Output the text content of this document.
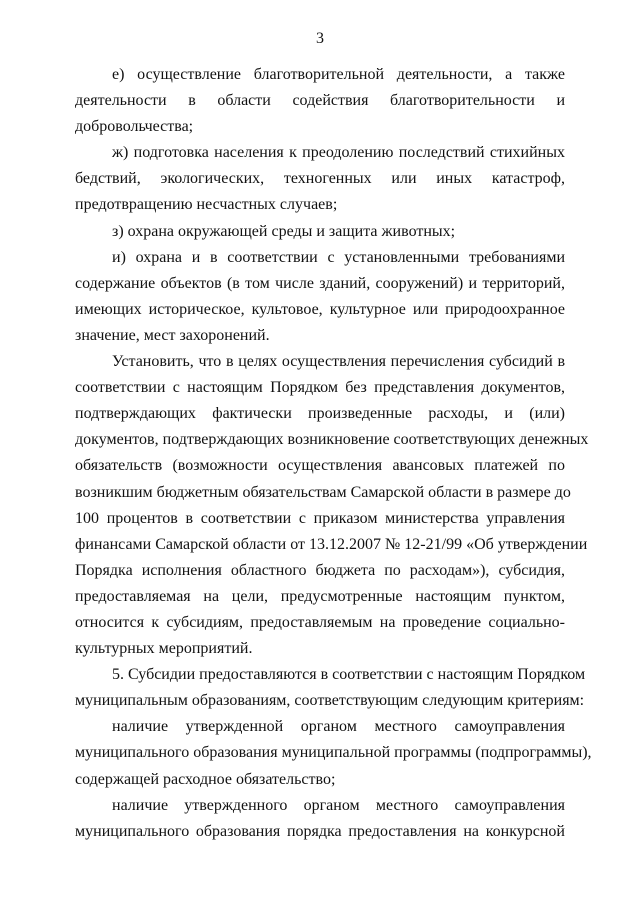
3
е) осуществление благотворительной деятельности, а также
деятельности в области содействия благотворительности и
добровольчества;
ж) подготовка населения к преодолению последствий стихийных
бедствий, экологических, техногенных или иных катастроф,
предотвращению несчастных случаев;
з) охрана окружающей среды и защита животных;
и) охрана и в соответствии с установленными требованиями
содержание объектов (в том числе зданий, сооружений) и территорий,
имеющих историческое, культовое, культурное или природоохранное
значение, мест захоронений.
Установить, что в целях осуществления перечисления субсидий в
соответствии с настоящим Порядком без представления документов,
подтверждающих фактически произведенные расходы, и (или)
документов, подтверждающих возникновение соответствующих денежных
обязательств (возможности осуществления авансовых платежей по
возникшим бюджетным обязательствам Самарской области в размере до
100 процентов в соответствии с приказом министерства управления
финансами Самарской области от 13.12.2007 № 12-21/99 «Об утверждении
Порядка исполнения областного бюджета по расходам»), субсидия,
предоставляемая на цели, предусмотренные настоящим пунктом,
относится к субсидиям, предоставляемым на проведение социально-
культурных мероприятий.
5. Субсидии предоставляются в соответствии с настоящим Порядком
муниципальным образованиям, соответствующим следующим критериям:
наличие утвержденной органом местного самоуправления
муниципального образования муниципальной программы (подпрограммы),
содержащей расходное обязательство;
наличие утвержденного органом местного самоуправления
муниципального образования порядка предоставления на конкурсной
